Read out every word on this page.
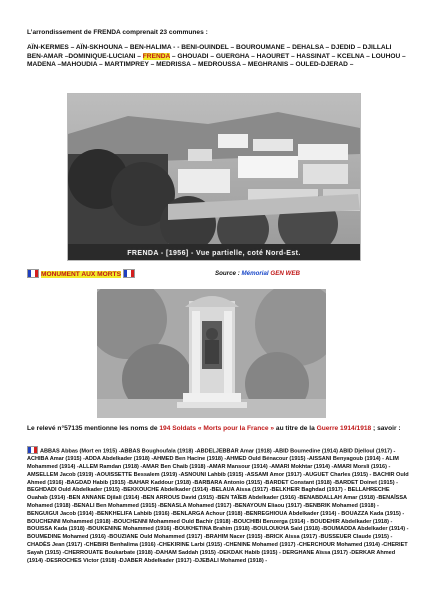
L’arrondissement de FRENDA comprenait 23 communes :
AÏN-KERMES – AÏN-SKHOUNA – BEN-HALIMA - - BENI-OUINDEL – BOUROUMANE – DEHALSA – DJEDID – DJILLALI BEN-AMAR –DOMINIQUE-LUCIANI – FRENDA – GHOUADI – GUERGHA – HAOURET – HASSINAT – KCELNA – LOUHOU – MADENA –MAHOUDIA – MARTIMPREY – MEDRISSA – MEDROUSSA – MEGHRANIS – OULED-DJERAD –
FRENDA - [1956] - Vue partielle, coté Nord-Est.
MONUMENT AUX MORTS	Source : Mémorial GEN WEB
Le relevé n°57135 mentionne les noms de 194 Soldats « Morts pour la France » au titre de la Guerre 1914/1918 ; savoir :
ABBAS Abbas (Mort en 1915) -ABBAS Boughoufala (1918) -ABDELJEBBAR Amar (1918) -ABID Boumedine (1914) ABID Djelloul (1917) - ACHIBA Amar (1915) -ADDA Abdelkader (1918) -AHMED Ben Hacine (1918) -AHMED Ould Bénacour (1915) -AISSANI Benyagoub (1914) - ALIM Mohammed (1914) -ALLEM Ramdan (1918) -AMAR Ben Chaib (1918) -AMAR Mansour (1914) -AMARI Mokhtar (1914) -AMARI Morsli (1916) -AMSELLEM Jacob (1919) -AOUISSETTE Bessalem (1919) -ASNOUNI Lahbib (1915) -ASSAMI Amor (1917) -AUGUET Charles (1915) - BACHIR Ould Ahmed (1916) -BAGDAD Habib (1915) -BAHAR Kaddour (1918) -BARBARA Antonio (1915) -BARDET Constant (1918) -BARDET Doinet (1915) -BEGHDADI Ould Abdelkader (1915) -BEKKOUCHE Abdelkader (1914) -BELAUA Aissa (1917) -BELKHEIR Baghdad (1917) - BELLAHRECHE Ouahab (1914) -BEN ANNANE Djilali (1914) -BEN ARROUS David (1915) -BEN TAÏEB Abdelkader (1916) -BENABDALLAH Amar (1918) -BENAÏSSA Mohamed (1918) -BENALI Ben Mohammed (1915) -BENASLA Mohamed (1917) -BENAYOUN Eliaou (1917) -BENBRIK Mohamed (1918) -BENGUIGUI Jacob (1914) -BENKHELIFA Lahbib (1916) -BENLARGA Achour (1918) -BENREGHIOUA Abdelkader (1914) - BOUAZZA Kada (1915) -BOUCHENNI Mohammed (1918) -BOUCHENNI Mohammed Ould Bachir (1918) -BOUCHIBI Benzerga (1914) - BOUDEHIR Abdelkader (1918) -BOUISSA Kada (1918) -BOUKENINE Mohammed (1916) -BOUKHETINA Brahim (1918) -BOULOUKHA Said (1918) -BOUMADDA Abdelkader (1914) -BOUMEDINE Mohamed (1916) -BOUZIANE Ould Mohammed (1917) -BRAHIM Nacer (1915) -BRICK Aissa (1917) -BUSSEUER Claude (1915) -CHADÈS Jean (1917) -CHEBIRI Benhalima (1916) -CHEKIRINE Larbi (1915) -CHENINE Mohamed (1917) -CHERCHOUR Mohamed (1914) -CHERIET Sayah (1915) -CHERROUATE Boukarbate (1918) -DAHAM Saddah (1915) -DEKDAK Habib (1915) - DERGHANE Aïssa (1917) -DERKAR Ahmed (1914) -DESROCHES Victor (1918) -DJABER Abdelkader (1917) -DJEBALI Mohamed (1918) -
